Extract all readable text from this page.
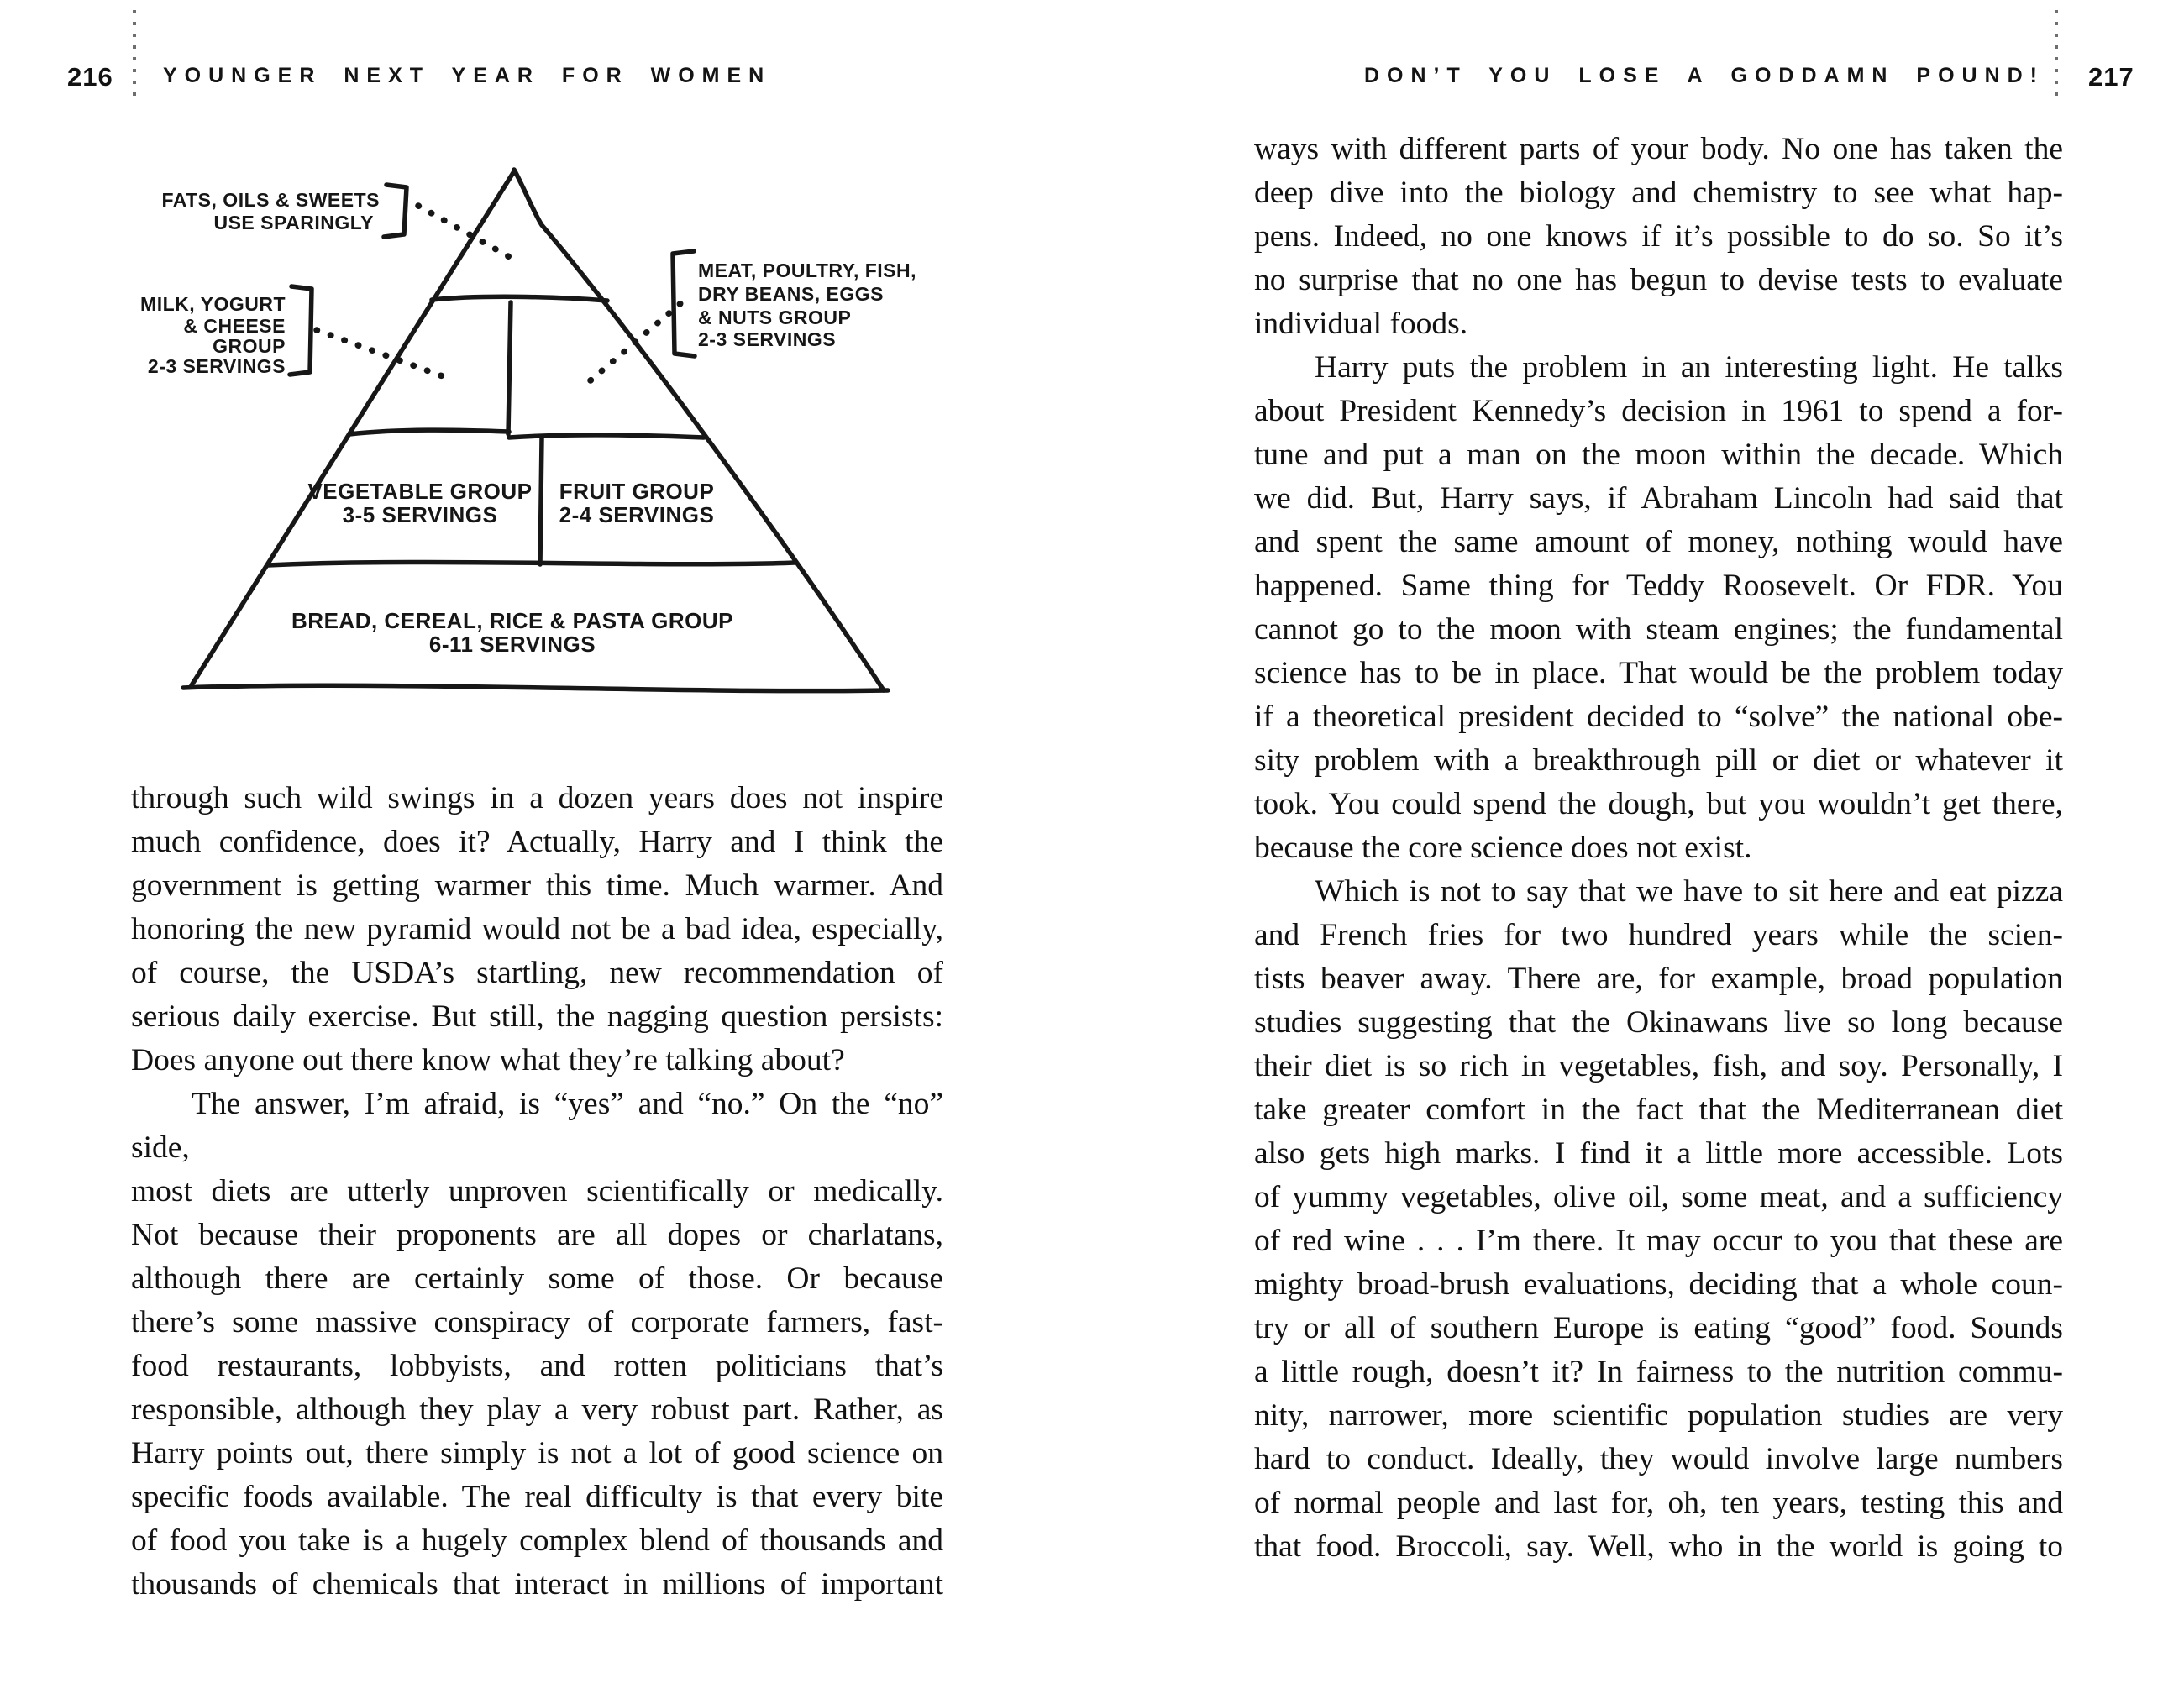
216 YOUNGER NEXT YEAR FOR WOMEN
FATS, OILS & SWEETS
USE SPARINGLY
MILK, YOGURT
& CHEESE
GROUP
2-3 SERVINGS
MEAT, POULTRY, FISH,
DRY BEANS, EGGS
& NUTS GROUP
2-3 SERVINGS
VEGETABLE GROUP
3-5 SERVINGS
FRUIT GROUP
2-4 SERVINGS
BREAD, CEREAL, RICE & PASTA GROUP
6-11 SERVINGS
through such wild swings in a dozen years does not inspire
much confidence, does it? Actually, Harry and I think the
government is getting warmer this time. Much warmer. And
honoring the new pyramid would not be a bad idea, especially,
of course, the USDA’s startling, new recommendation of
serious daily exercise. But still, the nagging question persists:
Does anyone out there know what they’re talking about?
The answer, I’m afraid, is “yes” and “no.” On the “no” side,
most diets are utterly unproven scientifically or medically.
Not because their proponents are all dopes or charlatans,
although there are certainly some of those. Or because
there’s some massive conspiracy of corporate farmers, fast-
food restaurants, lobbyists, and rotten politicians that’s
responsible, although they play a very robust part. Rather, as
Harry points out, there simply is not a lot of good science on
specific foods available. The real difficulty is that every bite
of food you take is a hugely complex blend of thousands and
thousands of chemicals that interact in millions of important
DON’T YOU LOSE A GODDAMN POUND! 217
ways with different parts of your body. No one has taken the
deep dive into the biology and chemistry to see what hap-
pens. Indeed, no one knows if it’s possible to do so. So it’s
no surprise that no one has begun to devise tests to evaluate
individual foods.
Harry puts the problem in an interesting light. He talks
about President Kennedy’s decision in 1961 to spend a for-
tune and put a man on the moon within the decade. Which
we did. But, Harry says, if Abraham Lincoln had said that
and spent the same amount of money, nothing would have
happened. Same thing for Teddy Roosevelt. Or FDR. You
cannot go to the moon with steam engines; the fundamental
science has to be in place. That would be the problem today
if a theoretical president decided to “solve” the national obe-
sity problem with a breakthrough pill or diet or whatever it
took. You could spend the dough, but you wouldn’t get there,
because the core science does not exist.
Which is not to say that we have to sit here and eat pizza
and French fries for two hundred years while the scien-
tists beaver away. There are, for example, broad population
studies suggesting that the Okinawans live so long because
their diet is so rich in vegetables, fish, and soy. Personally, I
take greater comfort in the fact that the Mediterranean diet
also gets high marks. I find it a little more accessible. Lots
of yummy vegetables, olive oil, some meat, and a sufficiency
of red wine . . . I’m there. It may occur to you that these are
mighty broad-brush evaluations, deciding that a whole coun-
try or all of southern Europe is eating “good” food. Sounds
a little rough, doesn’t it? In fairness to the nutrition commu-
nity, narrower, more scientific population studies are very
hard to conduct. Ideally, they would involve large numbers
of normal people and last for, oh, ten years, testing this and
that food. Broccoli, say. Well, who in the world is going to
